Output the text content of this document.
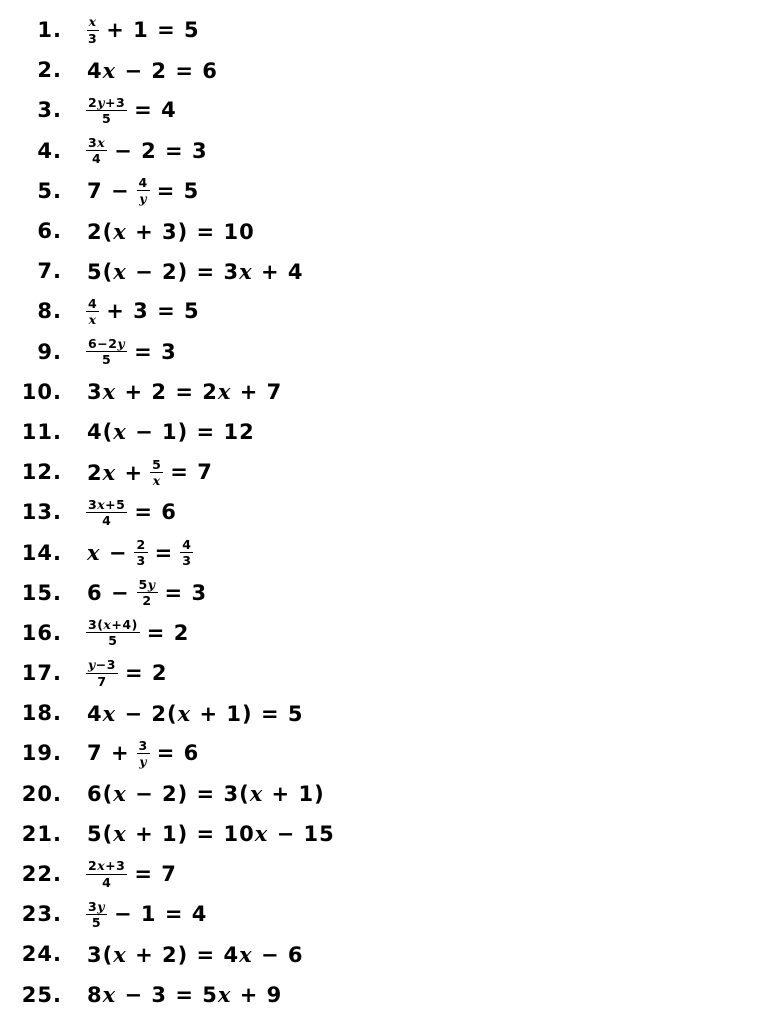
1. $\frac{x}{3} + 1 = 5$
2. 4x − 2 = 6
3. $\frac{2y+3}{5} = 4$
4. $\frac{3x}{4} - 2 = 3$
5. $7 - \frac{4}{y} = 5$
6. 2(x + 3) = 10
7. 5(x − 2) = 3x + 4
8. $\frac{4}{x} + 3 = 5$
9. $\frac{6-2y}{5} = 3$
10. 3x + 2 = 2x + 7
11. 4(x − 1) = 12
12. $2x + \frac{5}{x} = 7$
13. $\frac{3x+5}{4} = 6$
14. $x - \frac{2}{3} = \frac{4}{3}$
15. $6 - \frac{5y}{2} = 3$
16. $\frac{3(x+4)}{5} = 2$
17. $\frac{y-3}{7} = 2$
18. 4x − 2(x + 1) = 5
19. $7 + \frac{3}{y} = 6$
20. 6(x − 2) = 3(x + 1)
21. 5(x + 1) = 10x − 15
22. $\frac{2x+3}{4} = 7$
23. $\frac{3y}{5} - 1 = 4$
24. 3(x + 2) = 4x − 6
25. 8x − 3 = 5x + 9
